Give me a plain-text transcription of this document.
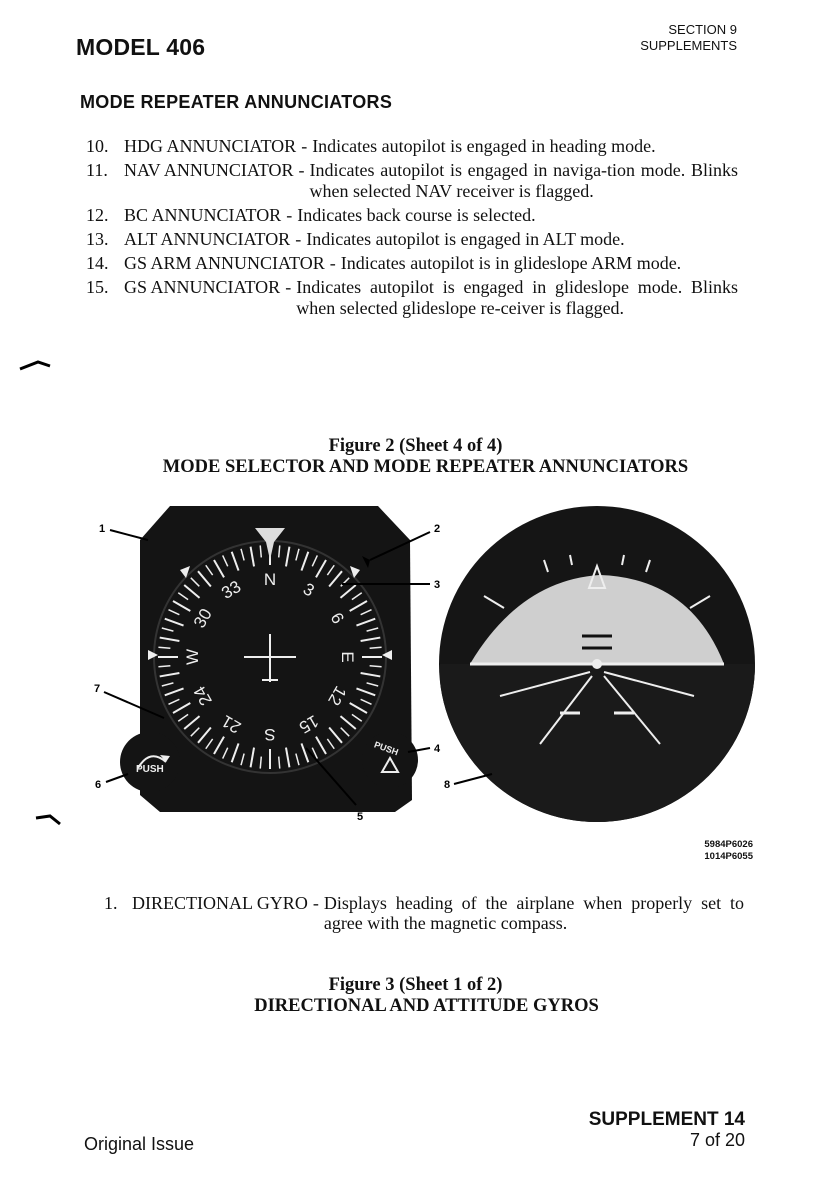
MODEL 406
SECTION 9
SUPPLEMENTS
MODE REPEATER ANNUNCIATORS
10. HDG ANNUNCIATOR - Indicates autopilot is engaged in heading mode.
11. NAV ANNUNCIATOR - Indicates autopilot is engaged in naviga-tion mode. Blinks when selected NAV receiver is flagged.
12. BC ANNUNCIATOR - Indicates back course is selected.
13. ALT ANNUNCIATOR - Indicates autopilot is engaged in ALT mode.
14. GS ARM ANNUNCIATOR - Indicates autopilot is in glideslope ARM mode.
15. GS ANNUNCIATOR - Indicates autopilot is engaged in glideslope mode. Blinks when selected glideslope re-ceiver is flagged.
Figure 2 (Sheet 4 of 4)
MODE SELECTOR AND MODE REPEATER ANNUNCIATORS
N 3
6
E
12
15
S
21
24
W
30
33
PUSH
PUSH
1	2
3
4
5
6
7
8
5984P6026
1014P6055
1. DIRECTIONAL GYRO - Displays heading of the airplane when properly set to agree with the magnetic compass.
Figure 3 (Sheet 1 of 2)
DIRECTIONAL AND ATTITUDE GYROS
SUPPLEMENT 14
7 of 20
Original Issue
